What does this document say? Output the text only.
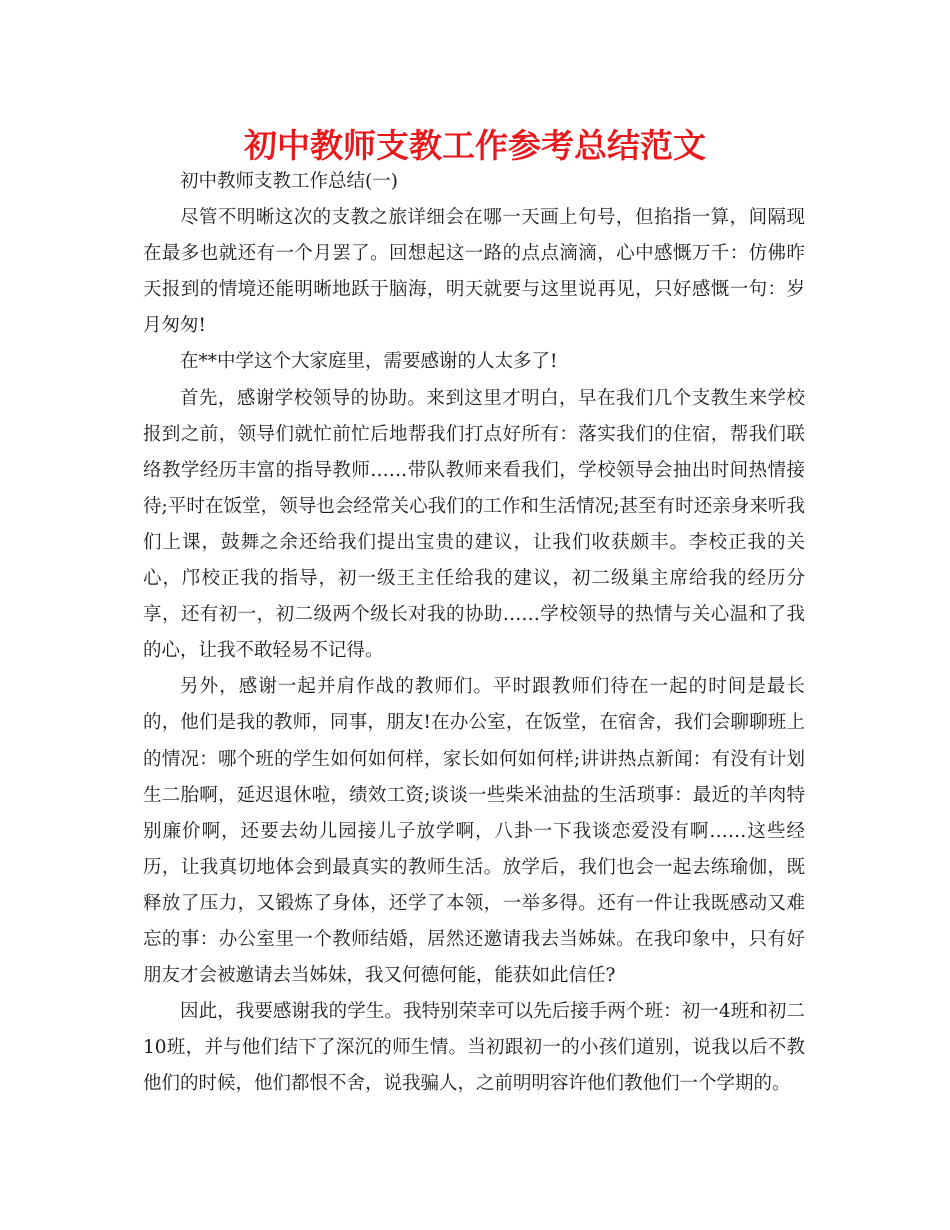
初中教师支教工作参考总结范文

初中教师支教工作总结(一)

尽管不明晰这次的支教之旅详细会在哪一天画上句号，但掐指一算，间隔现在最多也就还有一个月罢了。回想起这一路的点点滴滴，心中感慨万千：仿佛昨天报到的情境还能明晰地跃于脑海，明天就要与这里说再见，只好感慨一句：岁月匆匆!

在**中学这个大家庭里，需要感谢的人太多了!

首先，感谢学校领导的协助。来到这里才明白，早在我们几个支教生来学校报到之前，领导们就忙前忙后地帮我们打点好所有：落实我们的住宿，帮我们联络教学经历丰富的指导教师……带队教师来看我们，学校领导会抽出时间热情接待;平时在饭堂，领导也会经常关心我们的工作和生活情况;甚至有时还亲身来听我们上课，鼓舞之余还给我们提出宝贵的建议，让我们收获颇丰。李校正我的关心，邝校正我的指导，初一级王主任给我的建议，初二级巢主席给我的经历分享，还有初一，初二级两个级长对我的协助……学校领导的热情与关心温和了我的心，让我不敢轻易不记得。

另外，感谢一起并肩作战的教师们。平时跟教师们待在一起的时间是最长的，他们是我的教师，同事，朋友!在办公室，在饭堂，在宿舍，我们会聊聊班上的情况：哪个班的学生如何如何样，家长如何如何样;讲讲热点新闻：有没有计划生二胎啊，延迟退休啦，绩效工资;谈谈一些柴米油盐的生活琐事：最近的羊肉特别廉价啊，还要去幼儿园接儿子放学啊，八卦一下我谈恋爱没有啊……这些经历，让我真切地体会到最真实的教师生活。放学后，我们也会一起去练瑜伽，既释放了压力，又锻炼了身体，还学了本领，一举多得。还有一件让我既感动又难忘的事：办公室里一个教师结婚，居然还邀请我去当姊妹。在我印象中，只有好朋友才会被邀请去当姊妹，我又何德何能，能获如此信任?

因此，我要感谢我的学生。我特别荣幸可以先后接手两个班：初一4班和初二10班，并与他们结下了深沉的师生情。当初跟初一的小孩们道别，说我以后不教他们的时候，他们都恨不舍，说我骗人，之前明明容许他们教他们一个学期的。
